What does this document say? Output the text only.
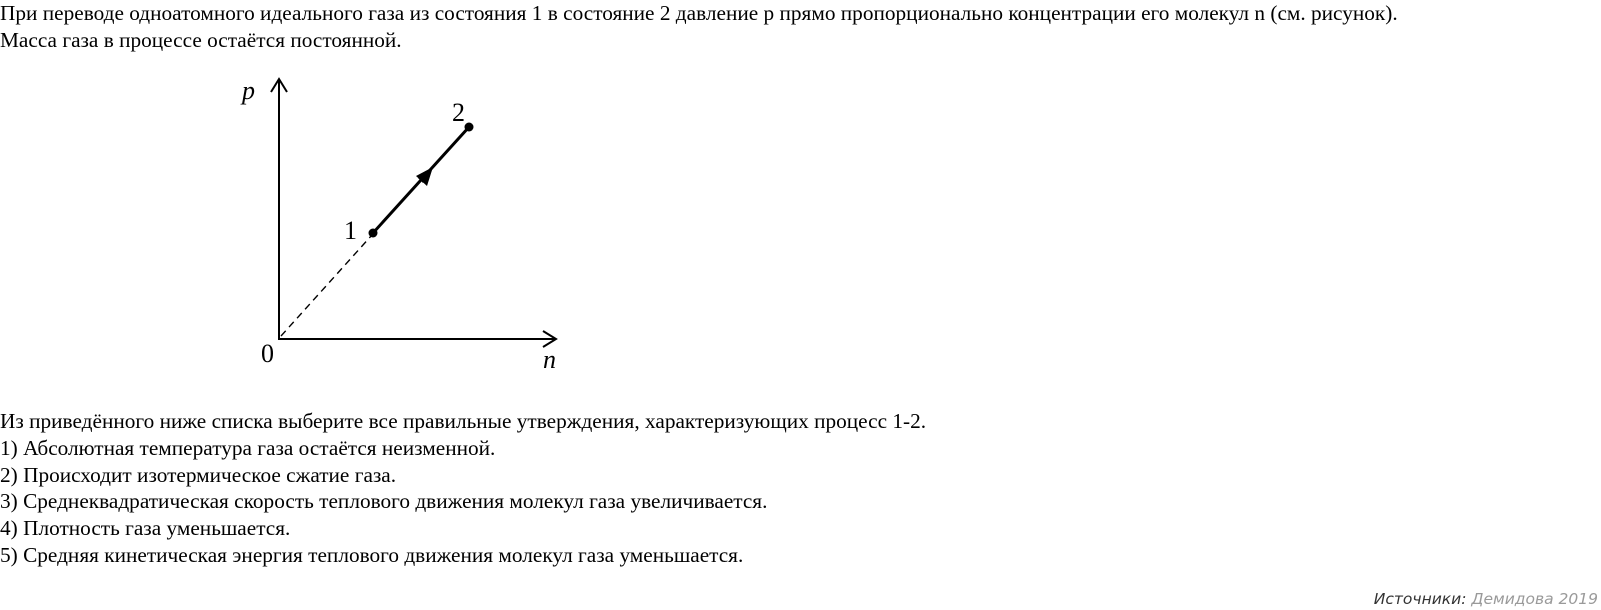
При переводе одноатомного идеального газа из состояния 1 в состояние 2 давление p прямо пропорционально концентрации его молекул n (см. рисунок).

Масса газа в процессе остаётся постоянной.

p
n
0
1
2

Из приведённого ниже списка выберите все правильные утверждения, характеризующих процесс 1-2.

1) Абсолютная температура газа остаётся неизменной.
2) Происходит изотермическое сжатие газа.
3) Среднеквадратическая скорость теплового движения молекул газа увеличивается.
4) Плотность газа уменьшается.
5) Средняя кинетическая энергия теплового движения молекул газа уменьшается.
Источники: Демидова 2019
